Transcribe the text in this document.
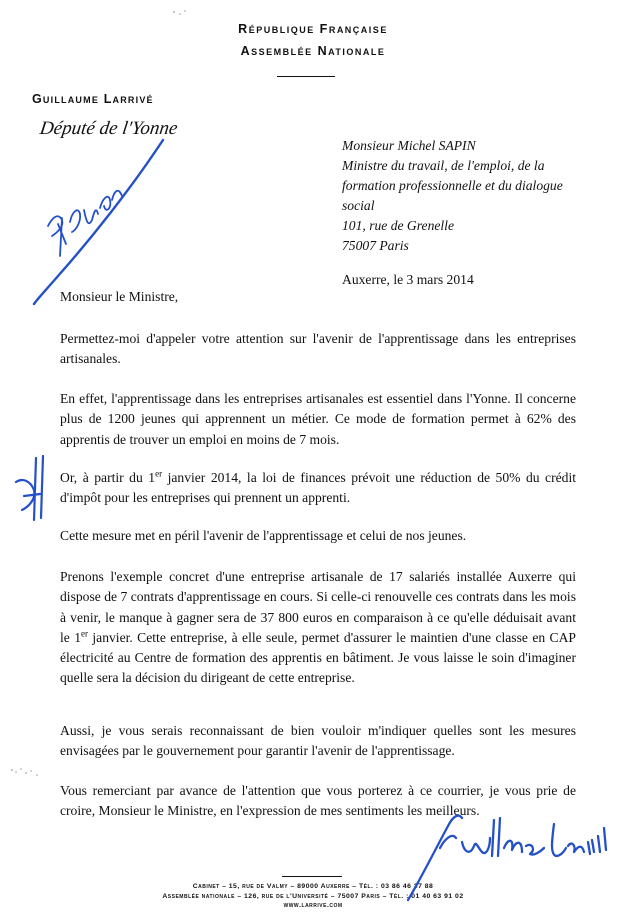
République Française
Assemblée Nationale
Guillaume Larrivé
Député de l'Yonne
Monsieur Michel SAPIN
Ministre du travail, de l'emploi, de la
formation professionnelle et du dialogue
social
101, rue de Grenelle
75007 Paris
Auxerre, le 3 mars 2014
Monsieur le Ministre,

Permettez-moi d'appeler votre attention sur l'avenir de l'apprentissage dans les entreprises artisanales.

En effet, l'apprentissage dans les entreprises artisanales est essentiel dans l'Yonne. Il concerne plus de 1200 jeunes qui apprennent un métier. Ce mode de formation permet à 62% des apprentis de trouver un emploi en moins de 7 mois.

Or, à partir du 1er janvier 2014, la loi de finances prévoit une réduction de 50% du crédit d'impôt pour les entreprises qui prennent un apprenti.

Cette mesure met en péril l'avenir de l'apprentissage et celui de nos jeunes.

Prenons l'exemple concret d'une entreprise artisanale de 17 salariés installée Auxerre qui dispose de 7 contrats d'apprentissage en cours. Si celle-ci renouvelle ces contrats dans les mois à venir, le manque à gagner sera de 37 800 euros en comparaison à ce qu'elle déduisait avant le 1er janvier. Cette entreprise, à elle seule, permet d'assurer le maintien d'une classe en CAP électricité au Centre de formation des apprentis en bâtiment. Je vous laisse le soin d'imaginer quelle sera la décision du dirigeant de cette entreprise.

Aussi, je vous serais reconnaissant de bien vouloir m'indiquer quelles sont les mesures envisagées par le gouvernement pour garantir l'avenir de l'apprentissage.

Vous remerciant par avance de l'attention que vous porterez à ce courrier, je vous prie de croire, Monsieur le Ministre, en l'expression de mes sentiments les meilleurs.

Cabinet – 15, rue de Valmy – 89000 Auxerre – Tél. : 03 86 46 37 88
Assemblée nationale – 126, rue de l'Université – 75007 Paris – Tél. : 01 40 63 91 02
www.larrive.com
